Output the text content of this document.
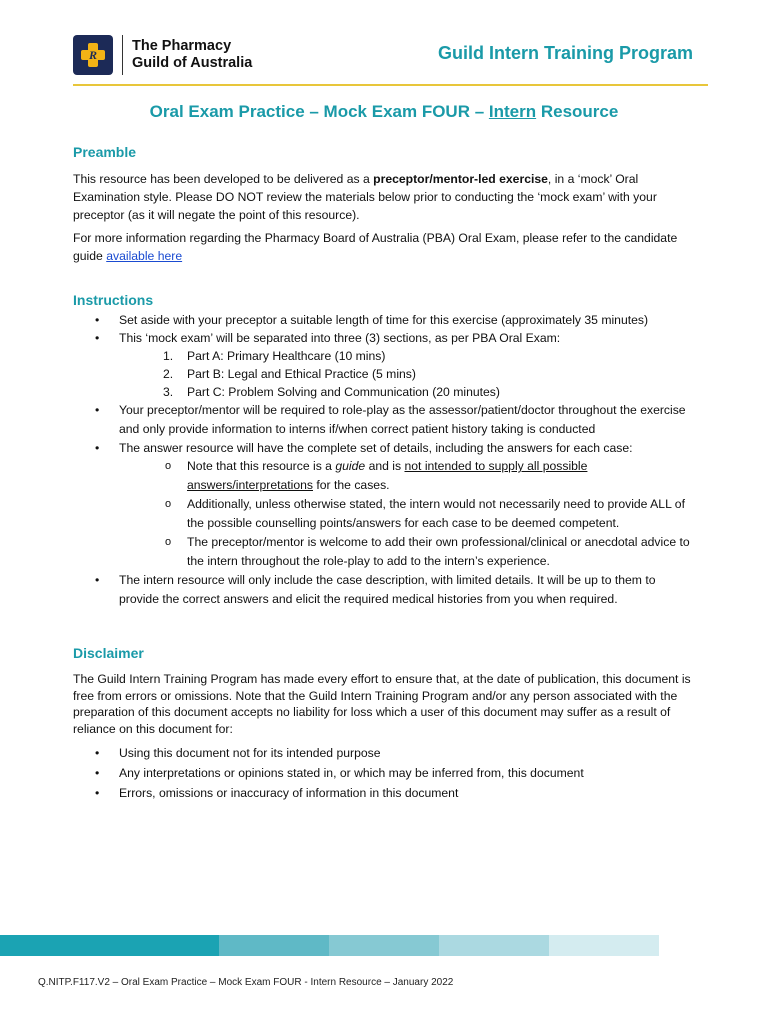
R
The Pharmacy
Guild of Australia	Guild Intern Training Program
Oral Exam Practice – Mock Exam FOUR – Intern Resource
Preamble

This resource has been developed to be delivered as a preceptor/mentor-led exercise, in a ‘mock’ Oral Examination style. Please DO NOT review the materials below prior to conducting the ‘mock exam’ with your preceptor (as it will negate the point of this resource).

For more information regarding the Pharmacy Board of Australia (PBA) Oral Exam, please refer to the candidate guide available here

Instructions
• Set aside with your preceptor a suitable length of time for this exercise (approximately 35 minutes)
• This ‘mock exam’ will be separated into three (3) sections, as per PBA Oral Exam:
1. Part A: Primary Healthcare (10 mins)
2. Part B: Legal and Ethical Practice (5 mins)
3. Part C: Problem Solving and Communication (20 minutes)
• Your preceptor/mentor will be required to role-play as the assessor/patient/doctor throughout the exercise and only provide information to interns if/when correct patient history taking is conducted
• The answer resource will have the complete set of details, including the answers for each case:
o Note that this resource is a guide and is not intended to supply all possible answers/interpretations for the cases.
o Additionally, unless otherwise stated, the intern would not necessarily need to provide ALL of the possible counselling points/answers for each case to be deemed competent.
o The preceptor/mentor is welcome to add their own professional/clinical or anecdotal advice to the intern throughout the role-play to add to the intern’s experience.
• The intern resource will only include the case description, with limited details. It will be up to them to provide the correct answers and elicit the required medical histories from you when required.
Disclaimer

The Guild Intern Training Program has made every effort to ensure that, at the date of publication, this document is free from errors or omissions. Note that the Guild Intern Training Program and/or any person associated with the preparation of this document accepts no liability for loss which a user of this document may suffer as a result of reliance on this document for:

• Using this document not for its intended purpose
• Any interpretations or opinions stated in, or which may be inferred from, this document
• Errors, omissions or inaccuracy of information in this document
Q.NITP.F117.V2 – Oral Exam Practice – Mock Exam FOUR - Intern Resource – January 2022
